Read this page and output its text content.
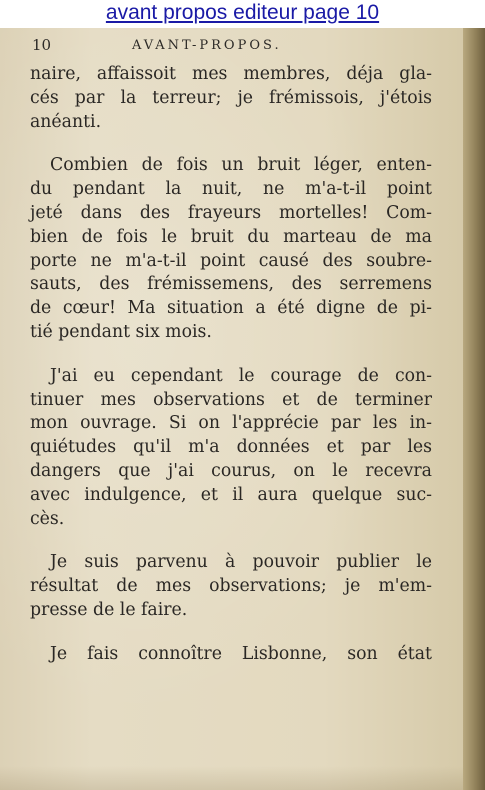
avant propos editeur page 10
10	AVANT-PROPOS.
naire, affaissoit mes membres, déja gla-
cés par la terreur; je frémissois, j'étois
anéanti.
Combien de fois un bruit léger, enten-
du pendant la nuit, ne m'a-t-il point
jeté dans des frayeurs mortelles! Com-
bien de fois le bruit du marteau de ma
porte ne m'a-t-il point causé des soubre-
sauts, des frémissemens, des serremens
de cœur! Ma situation a été digne de pi-
tié pendant six mois.
J'ai eu cependant le courage de con-
tinuer mes observations et de terminer
mon ouvrage. Si on l'apprécie par les in-
quiétudes qu'il m'a données et par les
dangers que j'ai courus, on le recevra
avec indulgence, et il aura quelque suc-
cès.
Je suis parvenu à pouvoir publier le
résultat de mes observations; je m'em-
presse de le faire.
Je fais connoître Lisbonne, son état
